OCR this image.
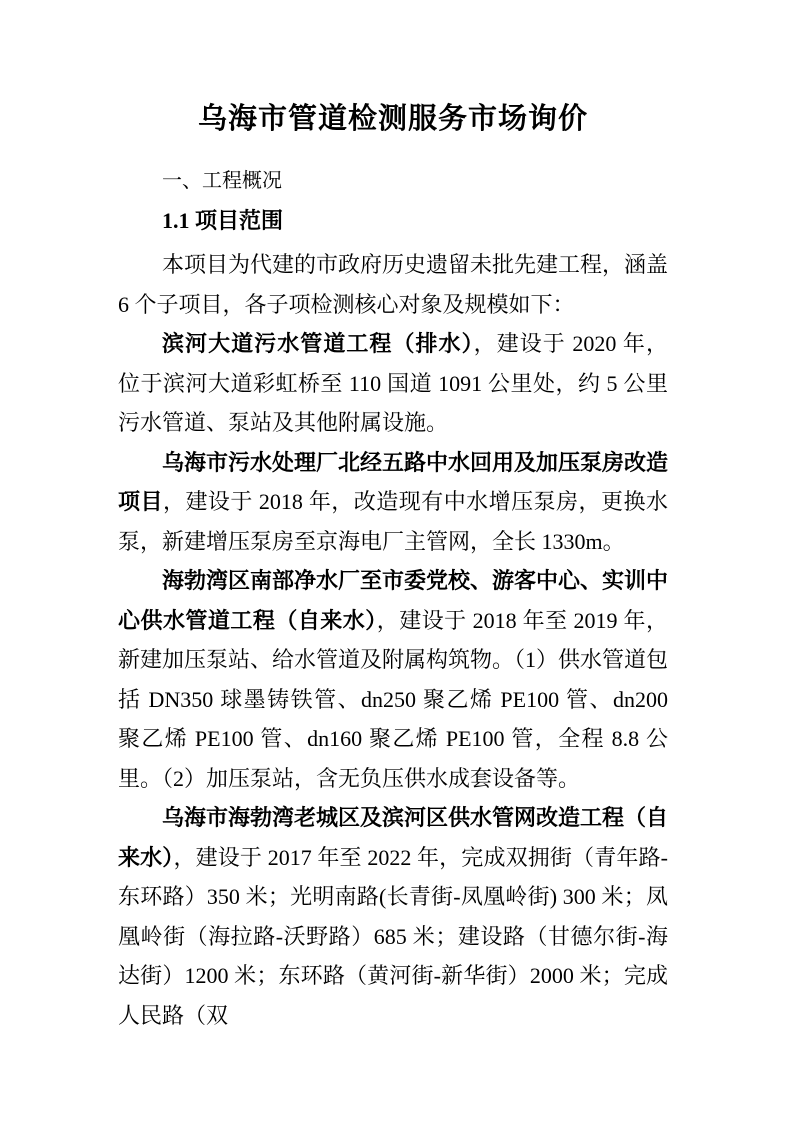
乌海市管道检测服务市场询价
一、工程概况
1.1 项目范围

本项目为代建的市政府历史遗留未批先建工程，涵盖 6 个子项目，各子项检测核心对象及规模如下：

滨河大道污水管道工程（排水），建设于 2020 年，位于滨河大道彩虹桥至 110 国道 1091 公里处，约 5 公里污水管道、泵站及其他附属设施。

乌海市污水处理厂北经五路中水回用及加压泵房改造项目，建设于 2018 年，改造现有中水增压泵房，更换水泵，新建增压泵房至京海电厂主管网，全长 1330m。

海勃湾区南部净水厂至市委党校、游客中心、实训中心供水管道工程（自来水），建设于 2018 年至 2019 年，新建加压泵站、给水管道及附属构筑物。（1）供水管道包括 DN350 球墨铸铁管、dn250 聚乙烯 PE100 管、dn200 聚乙烯 PE100 管、dn160 聚乙烯 PE100 管，全程 8.8 公里。（2）加压泵站，含无负压供水成套设备等。

乌海市海勃湾老城区及滨河区供水管网改造工程（自来水），建设于 2017 年至 2022 年，完成双拥街（青年路-东环路）350 米；光明南路(长青街-凤凰岭街) 300 米；凤凰岭街（海拉路-沃野路）685 米；建设路（甘德尔街-海达街）1200 米；东环路（黄河街-新华街）2000 米；完成人民路（双
